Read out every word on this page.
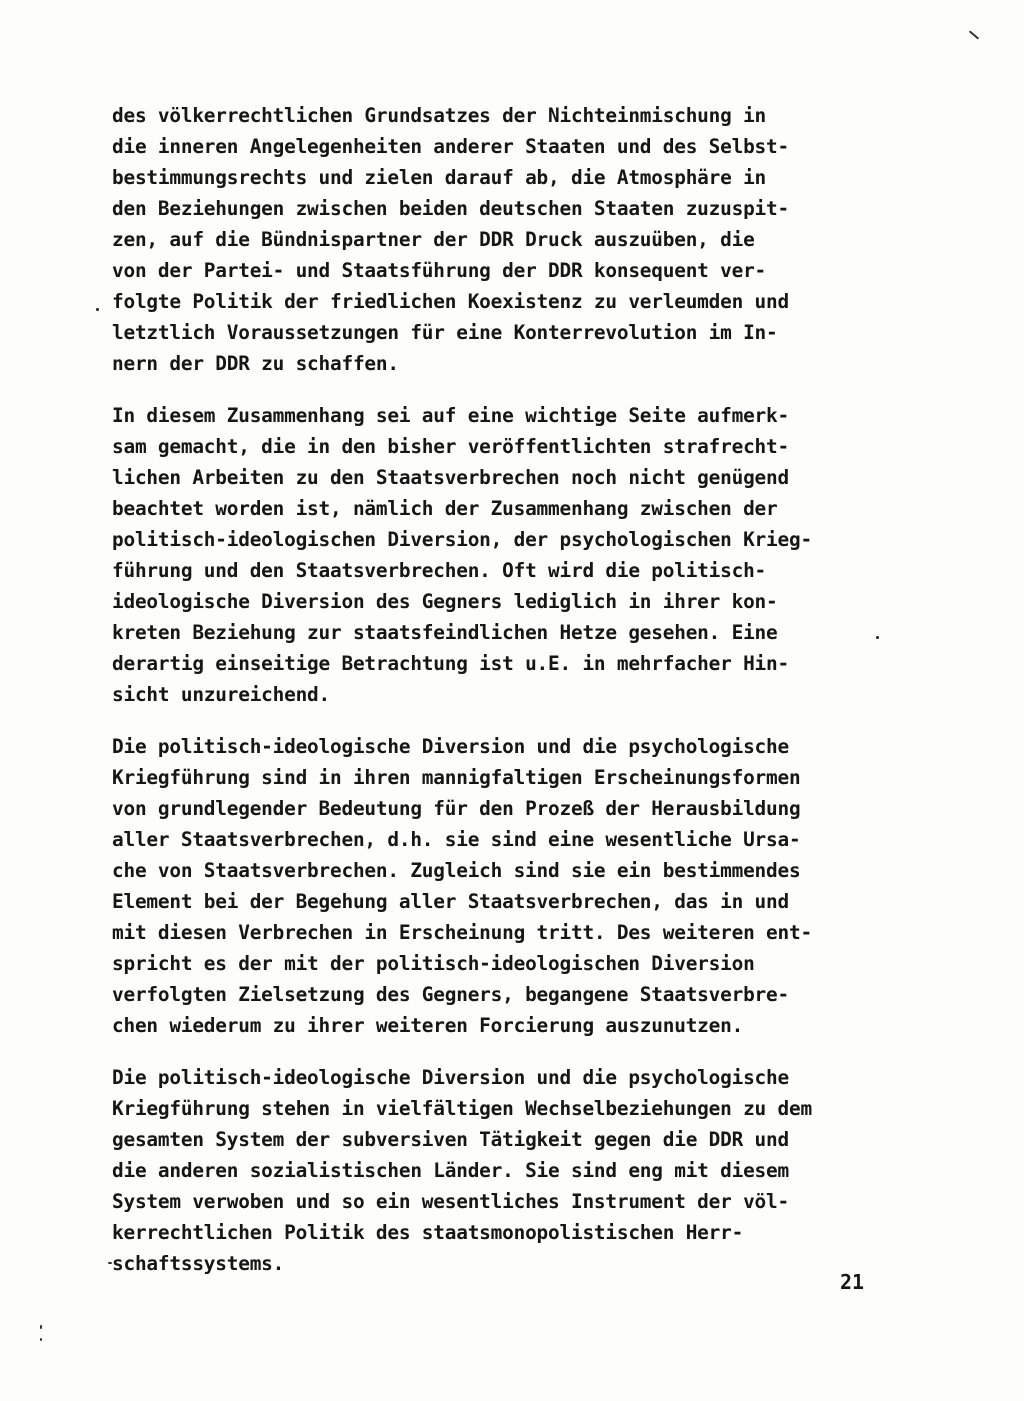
des völkerrechtlichen Grundsatzes der Nichteinmischung in
die inneren Angelegenheiten anderer Staaten und des Selbst-
bestimmungsrechts und zielen darauf ab, die Atmosphäre in
den Beziehungen zwischen beiden deutschen Staaten zuzuspit-
zen, auf die Bündnispartner der DDR Druck auszuüben, die
von der Partei- und Staatsführung der DDR konsequent ver-
folgte Politik der friedlichen Koexistenz zu verleumden und
letztlich Voraussetzungen für eine Konterrevolution im In-
nern der DDR zu schaffen.
In diesem Zusammenhang sei auf eine wichtige Seite aufmerk-
sam gemacht, die in den bisher veröffentlichten strafrecht-
lichen Arbeiten zu den Staatsverbrechen noch nicht genügend
beachtet worden ist, nämlich der Zusammenhang zwischen der
politisch-ideologischen Diversion, der psychologischen Krieg-
führung und den Staatsverbrechen. Oft wird die politisch-
ideologische Diversion des Gegners lediglich in ihrer kon-
kreten Beziehung zur staatsfeindlichen Hetze gesehen. Eine
derartig einseitige Betrachtung ist u.E. in mehrfacher Hin-
sicht unzureichend.
Die politisch-ideologische Diversion und die psychologische
Kriegführung sind in ihren mannigfaltigen Erscheinungsformen
von grundlegender Bedeutung für den Prozeß der Herausbildung
aller Staatsverbrechen, d.h. sie sind eine wesentliche Ursa-
che von Staatsverbrechen. Zugleich sind sie ein bestimmendes
Element bei der Begehung aller Staatsverbrechen, das in und
mit diesen Verbrechen in Erscheinung tritt. Des weiteren ent-
spricht es der mit der politisch-ideologischen Diversion
verfolgten Zielsetzung des Gegners, begangene Staatsverbre-
chen wiederum zu ihrer weiteren Forcierung auszunutzen.
Die politisch-ideologische Diversion und die psychologische
Kriegführung stehen in vielfältigen Wechselbeziehungen zu dem
gesamten System der subversiven Tätigkeit gegen die DDR und
die anderen sozialistischen Länder. Sie sind eng mit diesem
System verwoben und so ein wesentliches Instrument der völ-
kerrechtlichen Politik des staatsmonopolistischen Herr-
schaftssystems.
21
